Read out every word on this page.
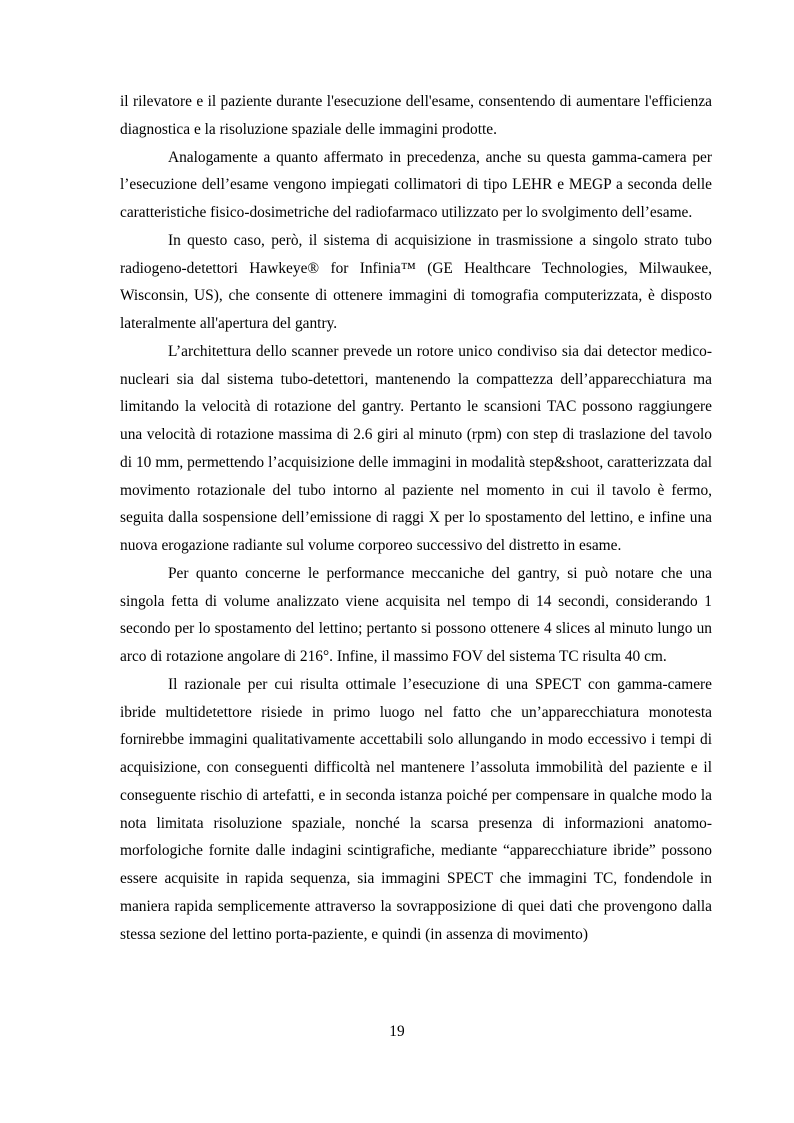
il rilevatore e il paziente durante l'esecuzione dell'esame, consentendo di aumentare l'efficienza diagnostica e la risoluzione spaziale delle immagini prodotte.

Analogamente a quanto affermato in precedenza, anche su questa gamma-camera per l’esecuzione dell’esame vengono impiegati collimatori di tipo LEHR e MEGP a seconda delle caratteristiche fisico-dosimetriche del radiofarmaco utilizzato per lo svolgimento dell’esame.

In questo caso, però, il sistema di acquisizione in trasmissione a singolo strato tubo radiogeno-detettori Hawkeye® for Infinia™ (GE Healthcare Technologies, Milwaukee, Wisconsin, US), che consente di ottenere immagini di tomografia computerizzata, è disposto lateralmente all'apertura del gantry.

L’architettura dello scanner prevede un rotore unico condiviso sia dai detector medico-nucleari sia dal sistema tubo-detettori, mantenendo la compattezza dell’apparecchiatura ma limitando la velocità di rotazione del gantry. Pertanto le scansioni TAC possono raggiungere una velocità di rotazione massima di 2.6 giri al minuto (rpm) con step di traslazione del tavolo di 10 mm, permettendo l’acquisizione delle immagini in modalità step&shoot, caratterizzata dal movimento rotazionale del tubo intorno al paziente nel momento in cui il tavolo è fermo, seguita dalla sospensione dell’emissione di raggi X per lo spostamento del lettino, e infine una nuova erogazione radiante sul volume corporeo successivo del distretto in esame.

Per quanto concerne le performance meccaniche del gantry, si può notare che una singola fetta di volume analizzato viene acquisita nel tempo di 14 secondi, considerando 1 secondo per lo spostamento del lettino; pertanto si possono ottenere 4 slices al minuto lungo un arco di rotazione angolare di 216°. Infine, il massimo FOV del sistema TC risulta 40 cm.

Il razionale per cui risulta ottimale l’esecuzione di una SPECT con gamma-camere ibride multidetettore risiede in primo luogo nel fatto che un’apparecchiatura monotesta fornirebbe immagini qualitativamente accettabili solo allungando in modo eccessivo i tempi di acquisizione, con conseguenti difficoltà nel mantenere l’assoluta immobilità del paziente e il conseguente rischio di artefatti, e in seconda istanza poiché per compensare in qualche modo la nota limitata risoluzione spaziale, nonché la scarsa presenza di informazioni anatomo-morfologiche fornite dalle indagini scintigrafiche, mediante “apparecchiature ibride” possono essere acquisite in rapida sequenza, sia immagini SPECT che immagini TC, fondendole in maniera rapida semplicemente attraverso la sovrapposizione di quei dati che provengono dalla stessa sezione del lettino porta-paziente, e quindi (in assenza di movimento)

19
